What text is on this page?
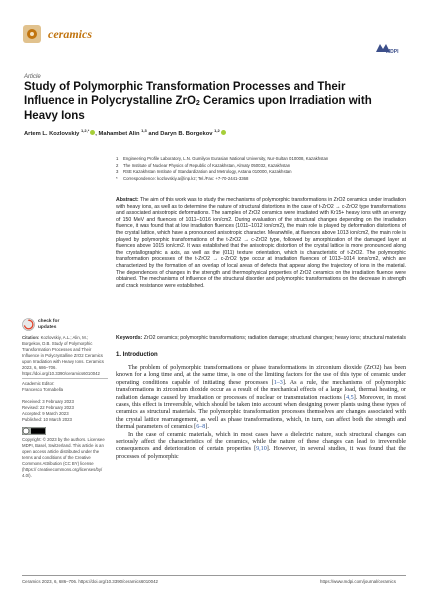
ceramics
MDPI
Article
Study of Polymorphic Transformation Processes and Their Influence in Polycrystalline ZrO$_2$ Ceramics upon Irradiation with Heavy Ions
Artem L. Kozlovskiy $^{1,2,*}$, Mahambet Alin $^{1,3}$ and Daryn B. Borgekov $^{1,2}$
1	Engineering Profile Laboratory, L.N. Gumilyov Eurasian National University, Nur-Sultan 010008, Kazakhstan
2	The Institute of Nuclear Physics of Republic of Kazakhstan, Almaty 050032, Kazakhstan
3	RSE Kazakhstan Institute of Standardization and Metrology, Astana 010000, Kazakhstan
*	Correspondence: kozlovskiy.a@inp.kz; Tel./Fax: +7-70-2441-3368
Abstract: The aim of this work was to study the mechanisms of polymorphic transformations in ZrO2 ceramics under irradiation with heavy ions, as well as to determine the nature of structural distortions in the case of t-ZrO2 → c-ZrO2 type transformations and associated anisotropic deformations. The samples of ZrO2 ceramics were irradiated with Kr15+ heavy ions with an energy of 150 MeV and fluences of 1011–1016 ion/cm2. During evaluation of the structural changes depending on the irradiation fluence, it was found that at low irradiation fluences (1011–1012 ion/cm2), the main role is played by deformation distortions of the crystal lattice, which have a pronounced anisotropic character. Meanwhile, at fluences above 1013 ion/cm2, the main role is played by polymorphic transformations of the t-ZrO2 → c-ZrO2 type, followed by amorphization of the damaged layer at fluences above 1015 ion/cm2. It was established that the anisotropic distortion of the crystal lattice is more pronounced along the crystallographic a axis, as well as the (011) texture orientation, which is characteristic of t-ZrO2. The polymorphic transformation processes of the t-ZrO2 → c-ZrO2 type occur at irradiation fluences of 1013–1014 ions/cm2, which are characterized by the formation of an overlap of local areas of defects that appear along the trajectory of ions in the material. The dependences of changes in the strength and thermophysical properties of ZrO2 ceramics on the irradiation fluence were obtained. The mechanisms of influence of the structural disorder and polymorphic transformations on the decrease in strength and crack resistance were established.
Keywords: ZrO2 ceramics; polymorphic transformations; radiation damage; structural changes; heavy ions; structural materials
check for
updates
Citation: Kozlovskiy, A.L.; Alin, M.; Borgekov, D.B. Study of Polymorphic Transformation Processes and Their Influence in Polycrystalline ZrO2 Ceramics upon Irradiation with Heavy Ions. Ceramics 2023, 6, 686–706. https://doi.org/10.3390/ceramics6010042
Academic Editor:
Francesco Tornabella
Received: 3 February 2023
Revised: 22 February 2023
Accepted: 9 March 2023
Published: 10 March 2023
Copyright: © 2023 by the authors. Licensee MDPI, Basel, Switzerland. This article is an open access article distributed under the terms and conditions of the Creative Commons Attribution (CC BY) license (https:// creativecommons.org/licenses/by/ 4.0/).
1. Introduction

The problem of polymorphic transformations or phase transformations in zirconium dioxide (ZrO2) has been known for a long time and, at the same time, is one of the limiting factors for the use of this type of ceramic under operating conditions capable of initiating these processes [1–3]. As a rule, the mechanisms of polymorphic transformations in zirconium dioxide occur as a result of the mechanical effects of a large load, thermal heating, or radiation damage caused by irradiation or processes of nuclear or transmutation reactions [4,5]. Moreover, in most cases, this effect is irreversible, which should be taken into account when designing power plants using these types of ceramics as structural materials. The polymorphic transformation processes themselves are changes associated with the crystal lattice rearrangement, as well as phase transformations, which, in turn, can affect both the strength and thermal parameters of ceramics [6–8].

In the case of ceramic materials, which in most cases have a dielectric nature, such structural changes can seriously affect the characteristics of the ceramics, while the nature of these changes can lead to irreversible consequences and deterioration of certain properties [9,10]. However, in several studies, it was found that the processes of polymorphic

Ceramics 2023, 6, 686–706. https://doi.org/10.3390/ceramics6010042	https://www.mdpi.com/journal/ceramics
